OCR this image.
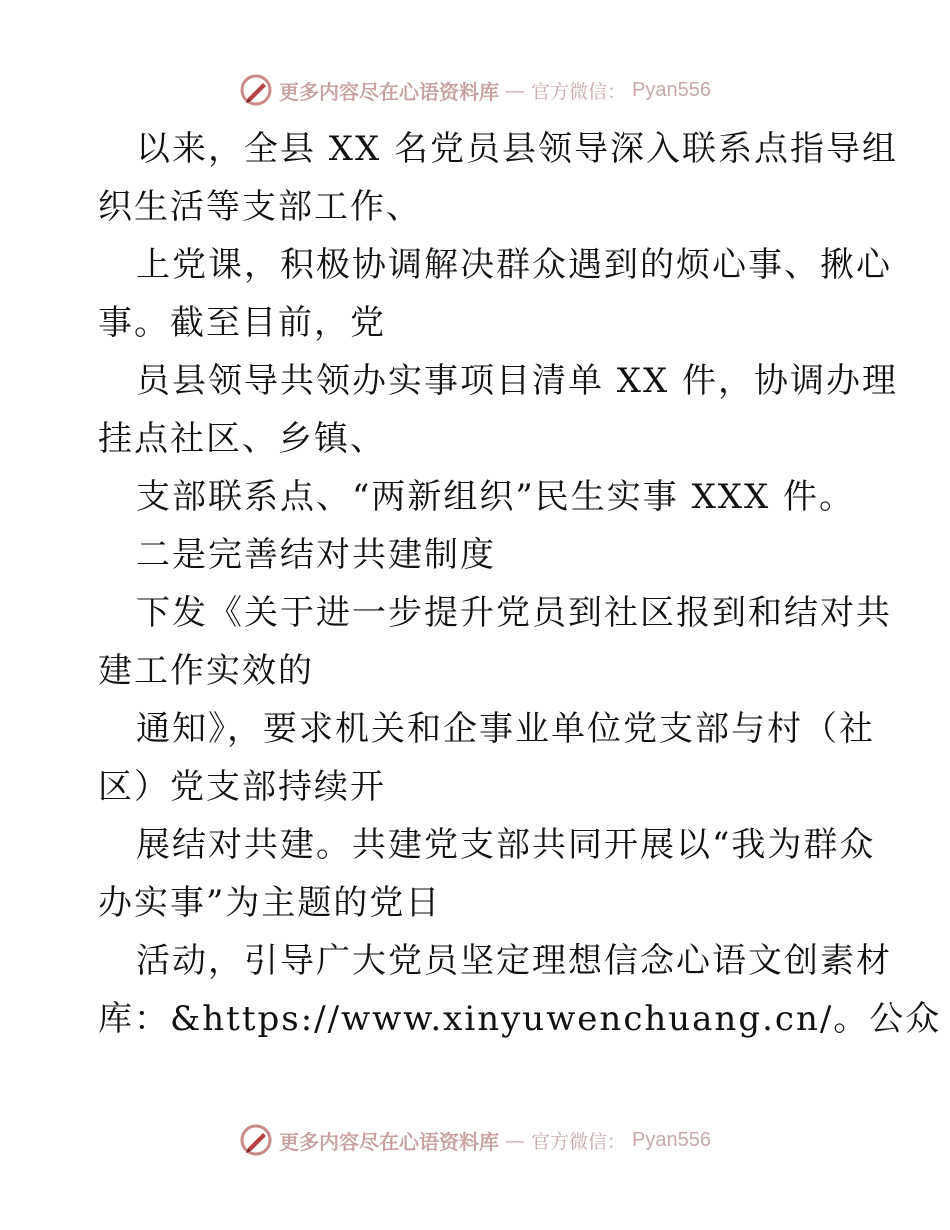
更多内容尽在心语资料库 — 官方微信： Pyan556
以来，全县 XX 名党员县领导深入联系点指导组
织生活等支部工作、
上党课，积极协调解决群众遇到的烦心事、揪心
事。截至目前，党
员县领导共领办实事项目清单 XX 件，协调办理
挂点社区、乡镇、
支部联系点、“两新组织”民生实事 XXX 件。
二是完善结对共建制度
下发《关于进一步提升党员到社区报到和结对共
建工作实效的
通知》，要求机关和企事业单位党支部与村（社
区）党支部持续开
展结对共建。共建党支部共同开展以“我为群众
办实事”为主题的党日
活动，引导广大党员坚定理想信念心语文创素材
库：&https://www.xinyuwenchuang.cn/。公众
更多内容尽在心语资料库 — 官方微信： Pyan556
